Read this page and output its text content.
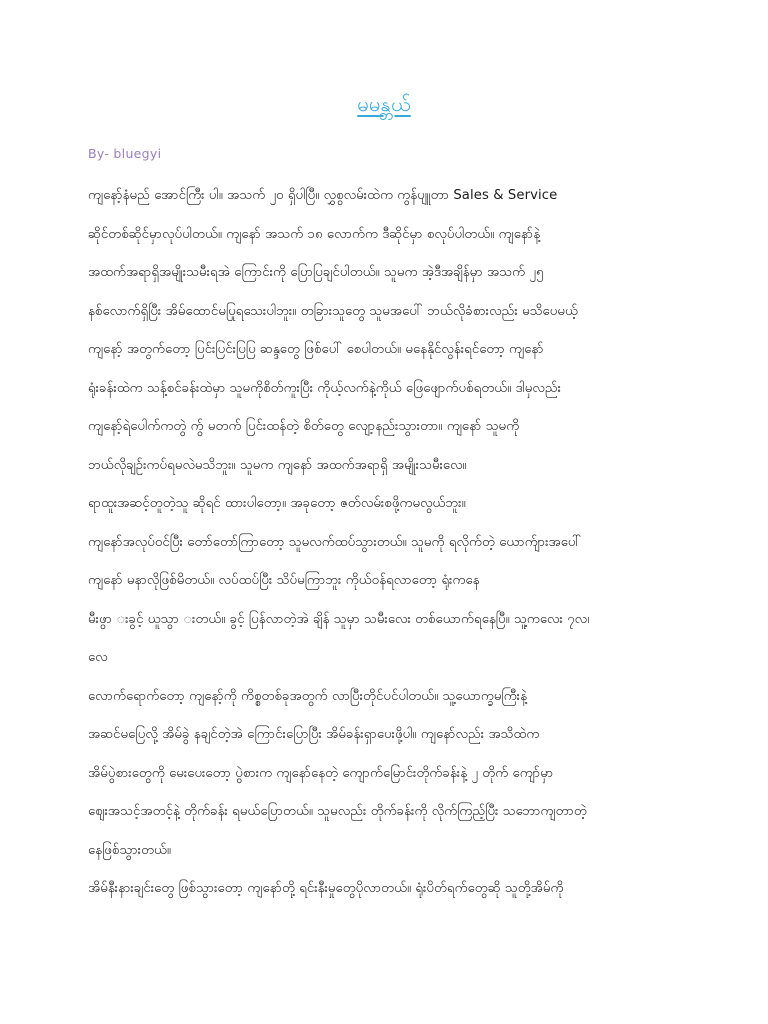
မမန္ဘယ်
By- bluegyi
ကျနော့်နံမည် အောင်ကြီး ပါ။ အသက် ၂၀ ရှိပါပြီ။ လွှစွလမ်းထဲက ကွန်ပျူတာ Sales & Service
ဆိုင်တစ်ဆိုင်မှာလုပ်ပါတယ်။ ကျနော် အသက် ၁၈ လောက်က ဒီဆိုင်မှာ စလုပ်ပါတယ်။ ကျနော်နဲ့
အထက်အရာရှိအမျိုးသမီးရအဲ ကြောင်းကို ပြောပြချင်ပါတယ်။ သူမက အဲ့ဒီအချိန်မှာ အသက် ၂၅
နစ်လောက်ရှိပြီး အိမ်ထောင်မပြုရသေးပါဘူး။ တခြားသူတွေ သူမအပေါ် ဘယ်လိုခံစားလည်း မသိပေမယ့်
ကျနော့် အတွက်တော့ ပြင်းပြင်းပြပြ ဆန္ဒတွေ ဖြစ်ပေါ် စေပါတယ်။ မနေနိုင်လွန်းရင်တော့ ကျနော်
ရုံးခန်းထဲက သန့်စင်ခန်းထဲမှာ သူမကိုစိတ်ကူးပြီး ကိုယ့်လက်နဲ့ကိုယ် ဖြေဖျောက်ပစ်ရတယ်။ ဒါမှလည်း
ကျနော့်ရဲပေါက်ကတွဲ ကွ် မတက် ပြင်းထန်တဲ့ စိတ်တွေ လျော့နည်းသွားတာ။ ကျနော် သူမကို
ဘယ်လိုချဉ်းကပ်ရမလဲမသိဘူး။ သူမက ကျနော် အထက်အရာရှိ အမျိုးသမီးလေ။
ရာထူးအဆင့်တူတဲ့သူ ဆိုရင် ထားပါတော့။ အခုတော့ ဇတ်လမ်းစဖို့ကမလွယ်ဘူး။
ကျနော်အလုပ်ဝင်ပြီး တော်တော်ကြာတော့ သူမလက်ထပ်သွားတယ်။ သူမကို ရလိုက်တဲ့ ယောက်ျားအပေါ်
ကျနော် မနာလိုဖြစ်မိတယ်။ လပ်ထပ်ပြီး သိပ်မကြာဘူး ကိုယ်ဝန်ရလာတော့ ရုံးကနေ
မီးဖွာ းခွင့် ယူသွာ းတယ်။ ခွင့် ပြန်လာတဲ့အဲ ချိန် သူမှာ သမီးလေး တစ်ယောက်ရနေပြီ။ သူ့ကလေး ၇လ၊
လေ
လောက်ရောက်တော့ ကျနော့်ကို ကိစ္စတစ်ခုအတွက် လာပြီးတိုင်ပင်ပါတယ်။ သူ့ယောက္ခမကြီးနဲ့
အဆင်မပြေလို့ အိမ်ခွဲ နချင်တဲ့အဲ ကြောင်းပြောပြီး အိမ်ခန်းရှာပေးဖို့ပါ။ ကျနော်လည်း အသိထဲက
အိမ်ပွဲစားတွေကို မေးပေးတော့ ပွဲစားက ကျနော်နေတဲ့ ကျောက်မြောင်းတိုက်ခန်းနဲ့ ၂ တိုက် ကျော်မှာ
ဈေးအသင့်အတင့်နဲ့ တိုက်ခန်း ရမယ်ပြောတယ်။ သူမလည်း တိုက်ခန်းကို လိုက်ကြည့်ပြီး သဘောကျတာတဲ့
နေဖြစ်သွားတယ်။
အိမ်နီးနားချင်းတွေ ဖြစ်သွားတော့ ကျနော်တို့ ရင်းနီးမှုတွေပိုလာတယ်။ ရုံးပိတ်ရက်တွေဆို သူတို့အိမ်ကို
